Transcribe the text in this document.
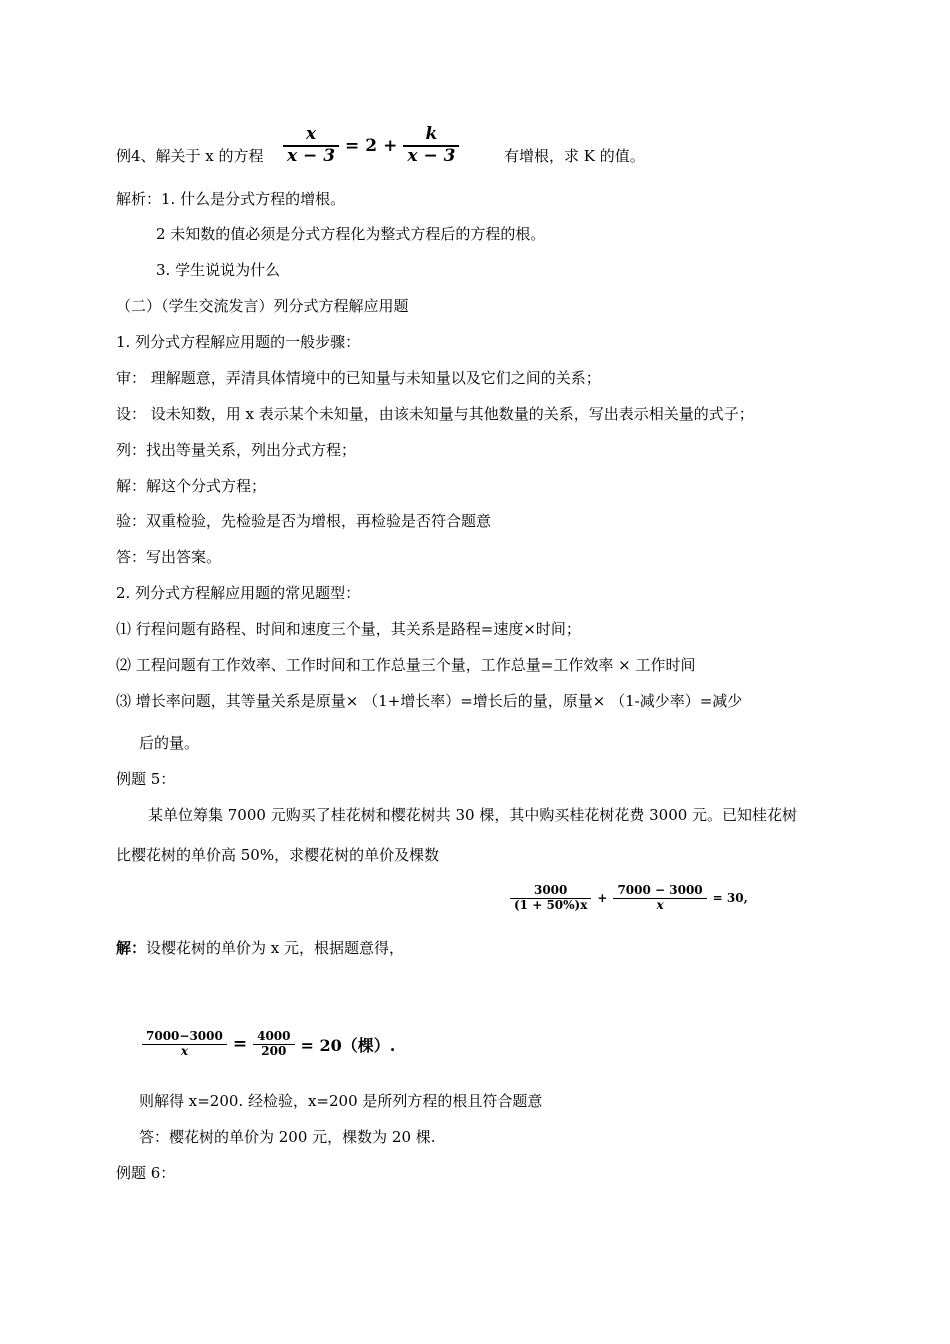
例4、解关于 x 的方程 $\frac{x}{x - 3} = 2 + \frac{k}{x - 3}$	有增根，求 K 的值。
解析：1. 什么是分式方程的增根。
2 未知数的值必须是分式方程化为整式方程后的方程的根。
3. 学生说说为什么
（二）（学生交流发言）列分式方程解应用题
1. 列分式方程解应用题的一般步骤：
审： 理解题意，弄清具体情境中的已知量与未知量以及它们之间的关系；
设： 设未知数，用 x 表示某个未知量，由该未知量与其他数量的关系，写出表示相关量的式子；
列：找出等量关系，列出分式方程；
解：解这个分式方程；
验：双重检验，先检验是否为增根，再检验是否符合题意
答：写出答案。
2. 列分式方程解应用题的常见题型：
⑴ 行程问题有路程、时间和速度三个量，其关系是路程=速度×时间；
⑵ 工程问题有工作效率、工作时间和工作总量三个量，工作总量=工作效率 × 工作时间
⑶ 增长率问题，其等量关系是原量× （1+增长率）=增长后的量，原量× （1-减少率）=减少
后的量。
例题 5：
某单位筹集 7000 元购买了桂花树和樱花树共 30 棵，其中购买桂花树花费 3000 元。已知桂花树
比樱花树的单价高 50%，求樱花树的单价及棵数
$\frac{3000}{(1 + 50\%)x} + \frac{7000 - 3000}{x} = 30$,
解：设樱花树的单价为 x 元，根据题意得，
$\frac{7000-3000}{x} = \frac{4000}{200} = 20$（棵）.
则解得 x=200. 经检验，x=200 是所列方程的根且符合题意
答：樱花树的单价为 200 元，棵数为 20 棵.
例题 6：
